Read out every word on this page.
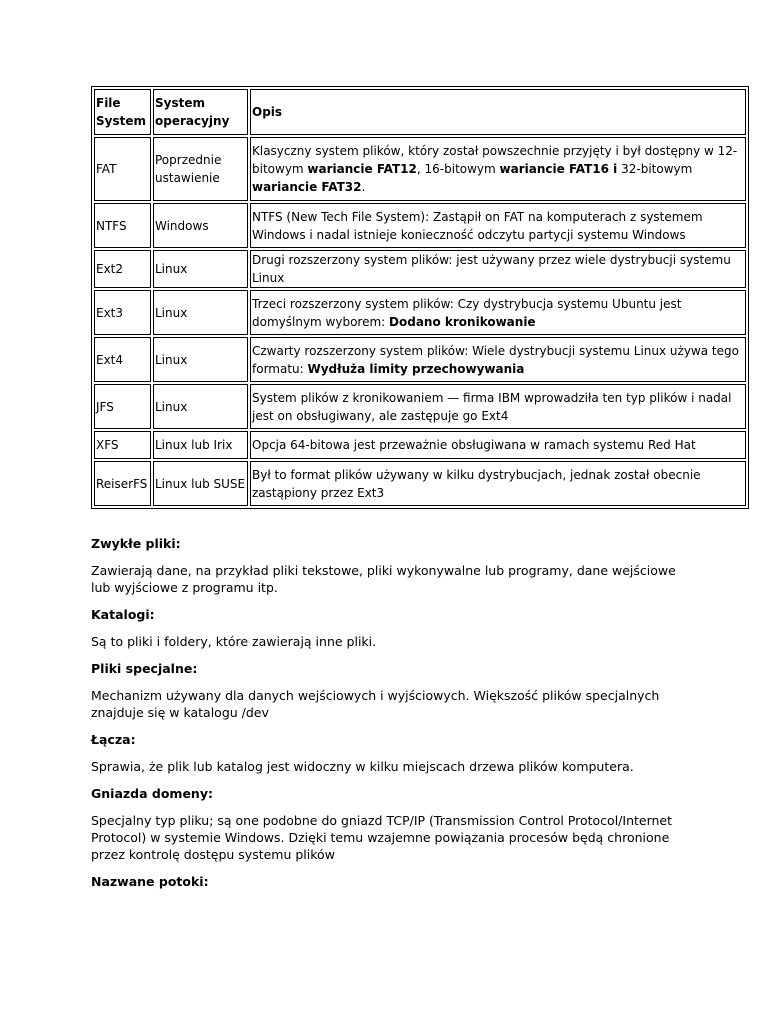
File System	System operacyjny	Opis
FAT	Poprzednie ustawienie	Klasyczny system plików, który został powszechnie przyjęty i był dostępny w 12-bitowym wariancie FAT12, 16-bitowym wariancie FAT16 i 32-bitowym wariancie FAT32.
NTFS	Windows	NTFS (New Tech File System): Zastąpił on FAT na komputerach z systemem Windows i nadal istnieje konieczność odczytu partycji systemu Windows
Ext2	Linux	Drugi rozszerzony system plików: jest używany przez wiele dystrybucji systemu Linux
Ext3	Linux	Trzeci rozszerzony system plików: Czy dystrybucja systemu Ubuntu jest domyślnym wyborem: Dodano kronikowanie
Ext4	Linux	Czwarty rozszerzony system plików: Wiele dystrybucji systemu Linux używa tego formatu: Wydłuża limity przechowywania
JFS	Linux	System plików z kronikowaniem — firma IBM wprowadziła ten typ plików i nadal jest on obsługiwany, ale zastępuje go Ext4
XFS	Linux lub Irix	Opcja 64-bitowa jest przeważnie obsługiwana w ramach systemu Red Hat
ReiserFS	Linux lub SUSE	Był to format plików używany w kilku dystrybucjach, jednak został obecnie zastąpiony przez Ext3
Zwykłe pliki:
Zawierają dane, na przykład pliki tekstowe, pliki wykonywalne lub programy, dane wejściowe lub wyjściowe z programu itp.
Katalogi:
Są to pliki i foldery, które zawierają inne pliki.
Pliki specjalne:
Mechanizm używany dla danych wejściowych i wyjściowych. Większość plików specjalnych znajduje się w katalogu /dev
Łącza:
Sprawia, że plik lub katalog jest widoczny w kilku miejscach drzewa plików komputera.
Gniazda domeny:
Specjalny typ pliku; są one podobne do gniazd TCP/IP (Transmission Control Protocol/Internet Protocol) w systemie Windows. Dzięki temu wzajemne powiązania procesów będą chronione przez kontrolę dostępu systemu plików
Nazwane potoki:
